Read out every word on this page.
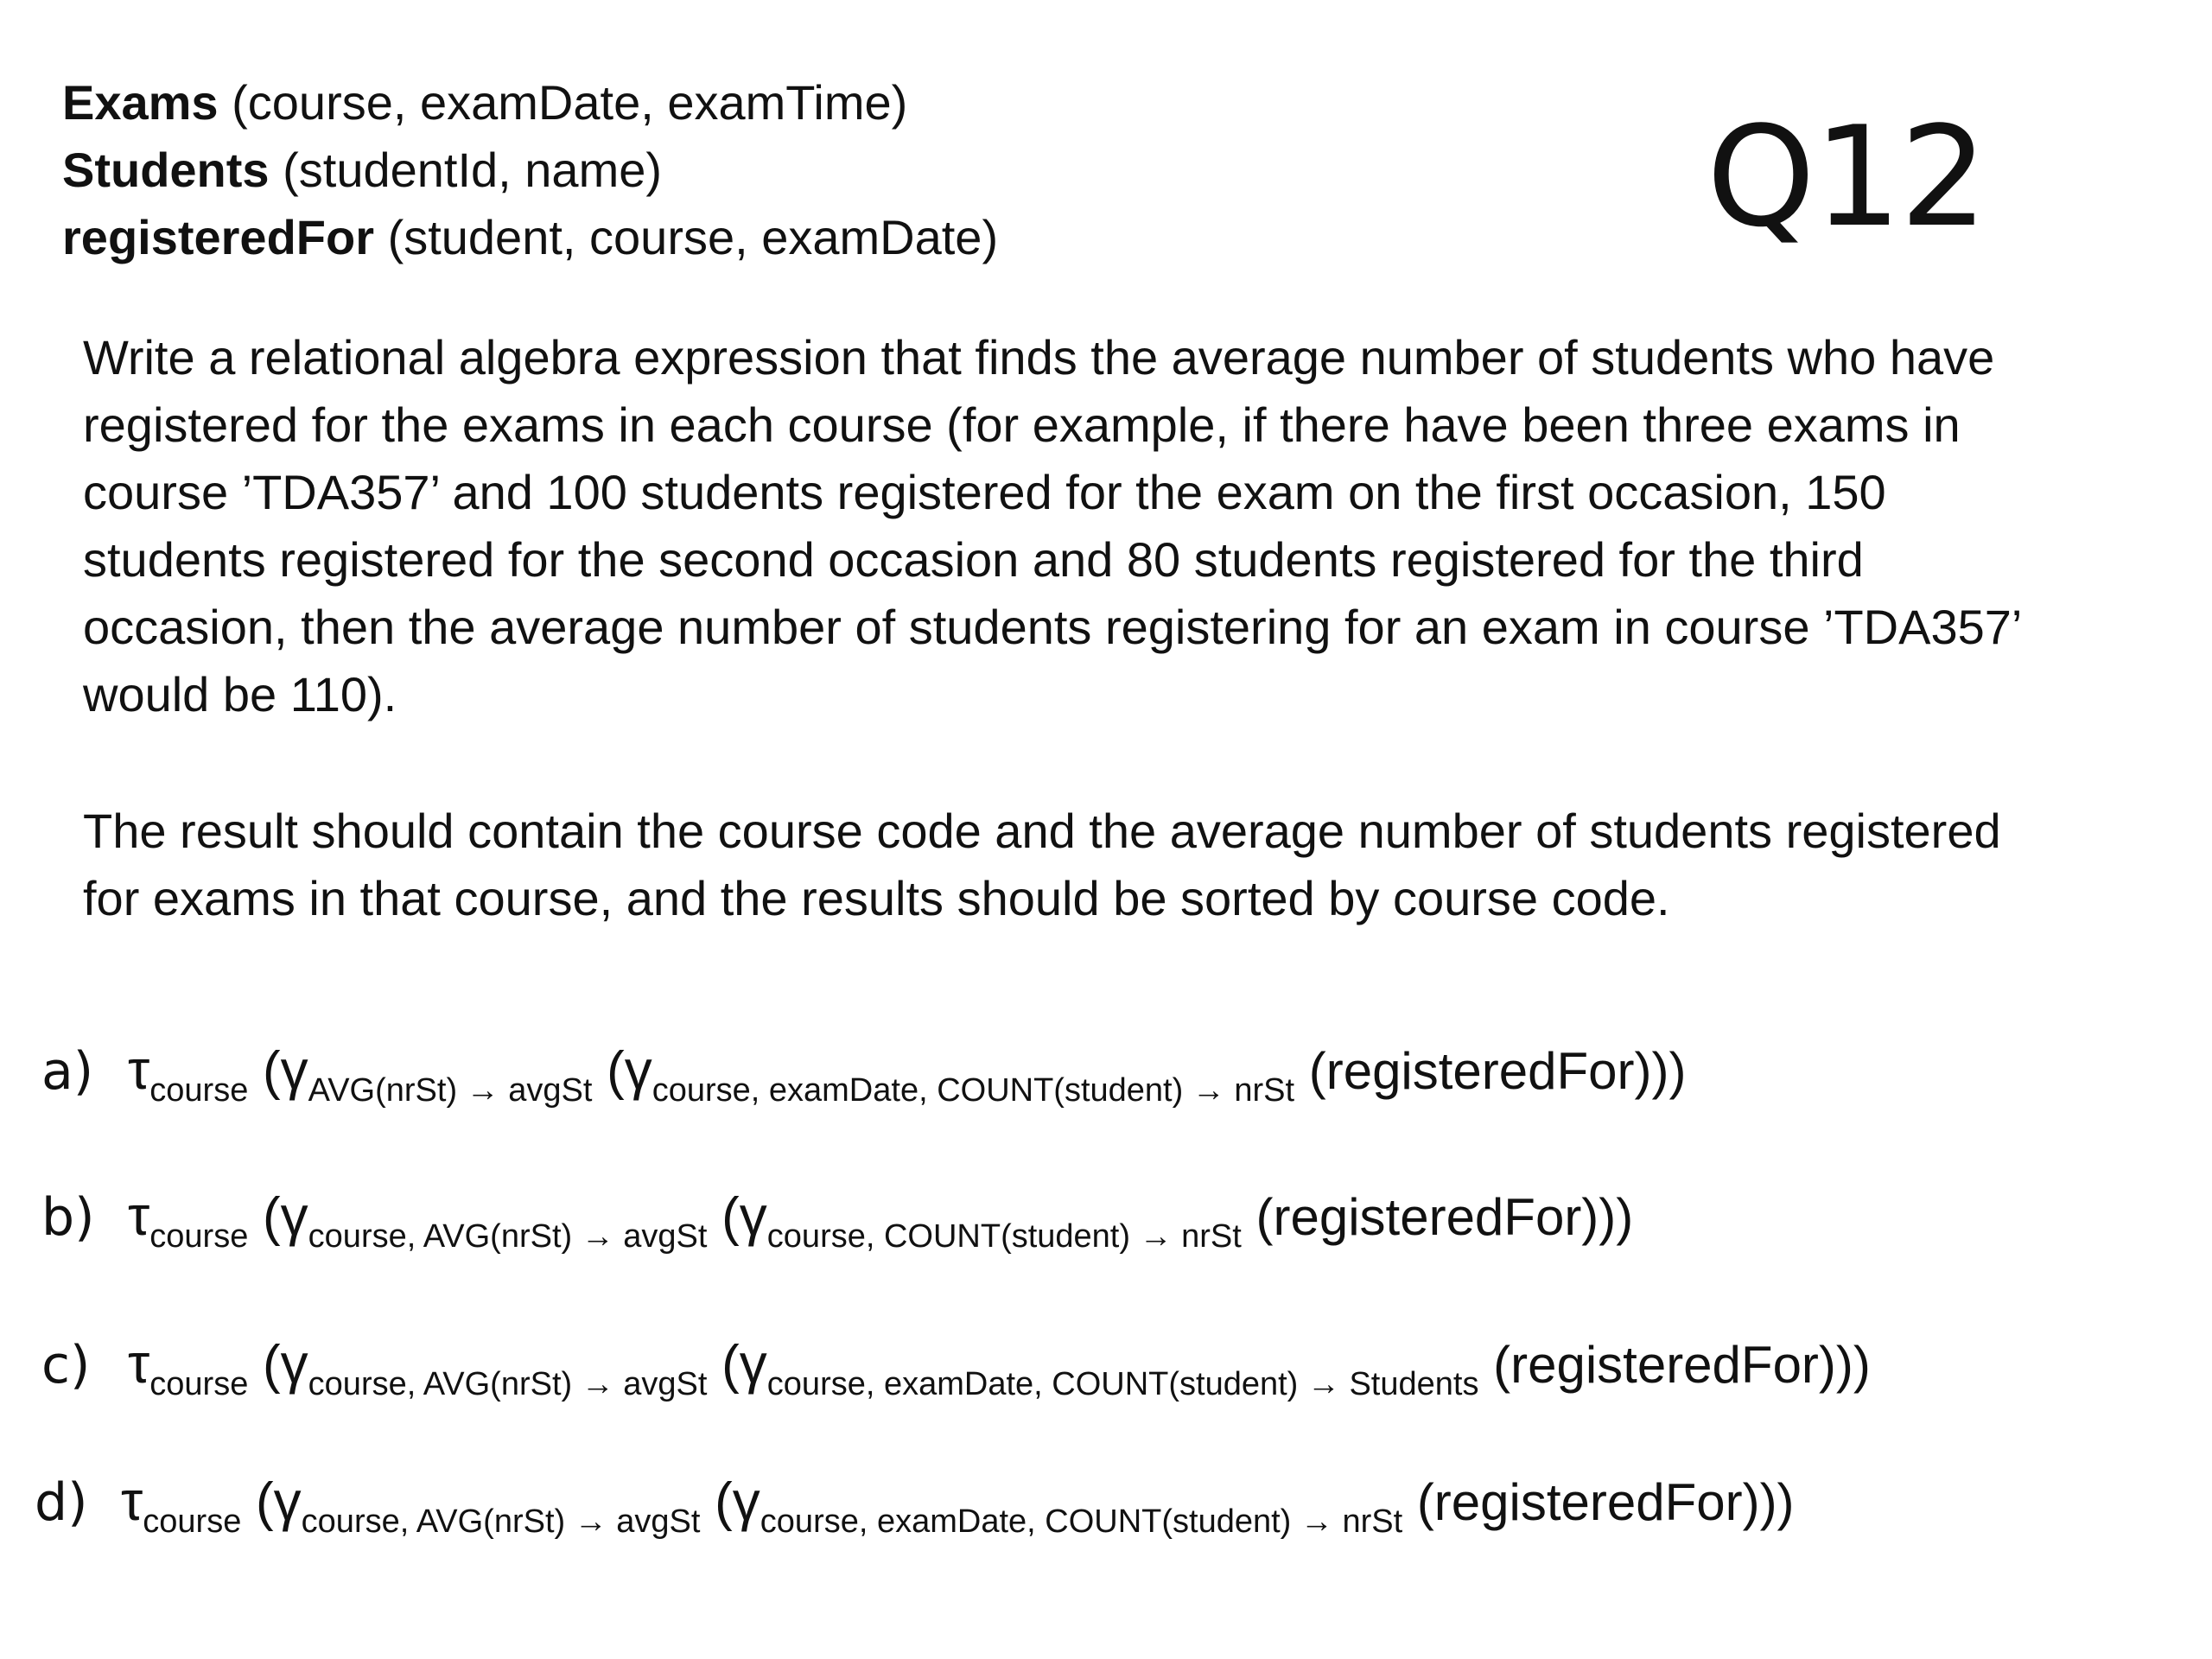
Exams (course, examDate, examTime)
Students (studentId, name)
registeredFor (student, course, examDate)	Q12
Write a relational algebra expression that finds the average number of students who have
registered for the exams in each course (for example, if there have been three exams in
course ’TDA357’ and 100 students registered for the exam on the first occasion, 150
students registered for the second occasion and 80 students registered for the third
occasion, then the average number of students registering for an exam in course ’TDA357’
would be 110).
The result should contain the course code and the average number of students registered
for exams in that course, and the results should be sorted by course code.
a) $\tau_{course}$ ($\gamma_{AVG(nrSt) \to avgSt}$ ($\gamma_{course, examDate, COUNT(student) \to nrSt}$ (registeredFor)))
b) $\tau_{course}$ ($\gamma_{course, AVG(nrSt) \to avgSt}$ ($\gamma_{course, COUNT(student) \to nrSt}$ (registeredFor)))
c) $\tau_{course}$ ($\gamma_{course, AVG(nrSt) \to avgSt}$ ($\gamma_{course, examDate, COUNT(student) \to Students}$ (registeredFor)))
d) $\tau_{course}$ ($\gamma_{course, AVG(nrSt) \to avgSt}$ ($\gamma_{course, examDate, COUNT(student) \to nrSt}$ (registeredFor)))
